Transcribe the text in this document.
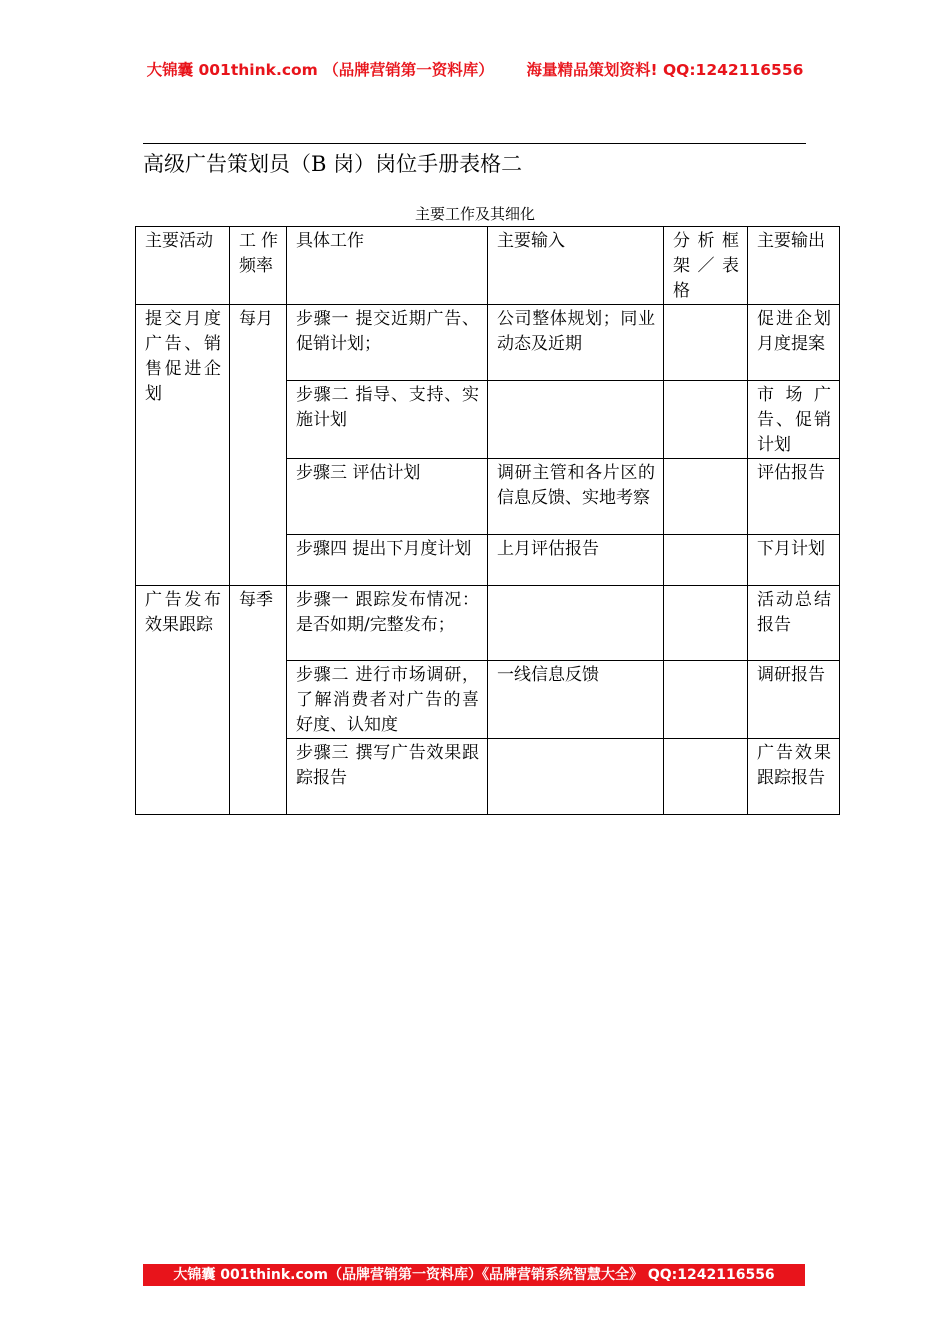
大锦囊 001think.com （品牌营销第一资料库） 海量精品策划资料! QQ:1242116556
高级广告策划员（B 岗）岗位手册表格二
主要工作及其细化
主要活动	工作频率	具体工作	主要输入	分析框架／表格	主要输出
提交月度广告、销售促进企划	每月	步骤一 提交近期广告、促销计划；	公司整体规划；同业动态及近期		促进企划月度提案
		步骤二 指导、支持、实施计划			市场广告、促销计划
		步骤三 评估计划	调研主管和各片区的信息反馈、实地考察		评估报告
		步骤四 提出下月度计划	上月评估报告		下月计划
广告发布效果跟踪	每季	步骤一 跟踪发布情况：是否如期/完整发布；			活动总结报告
		步骤二 进行市场调研，了解消费者对广告的喜好度、认知度	一线信息反馈		调研报告
		步骤三 撰写广告效果跟踪报告			广告效果跟踪报告
大锦囊 001think.com（品牌营销第一资料库）《品牌营销系统智慧大全》 QQ:1242116556
